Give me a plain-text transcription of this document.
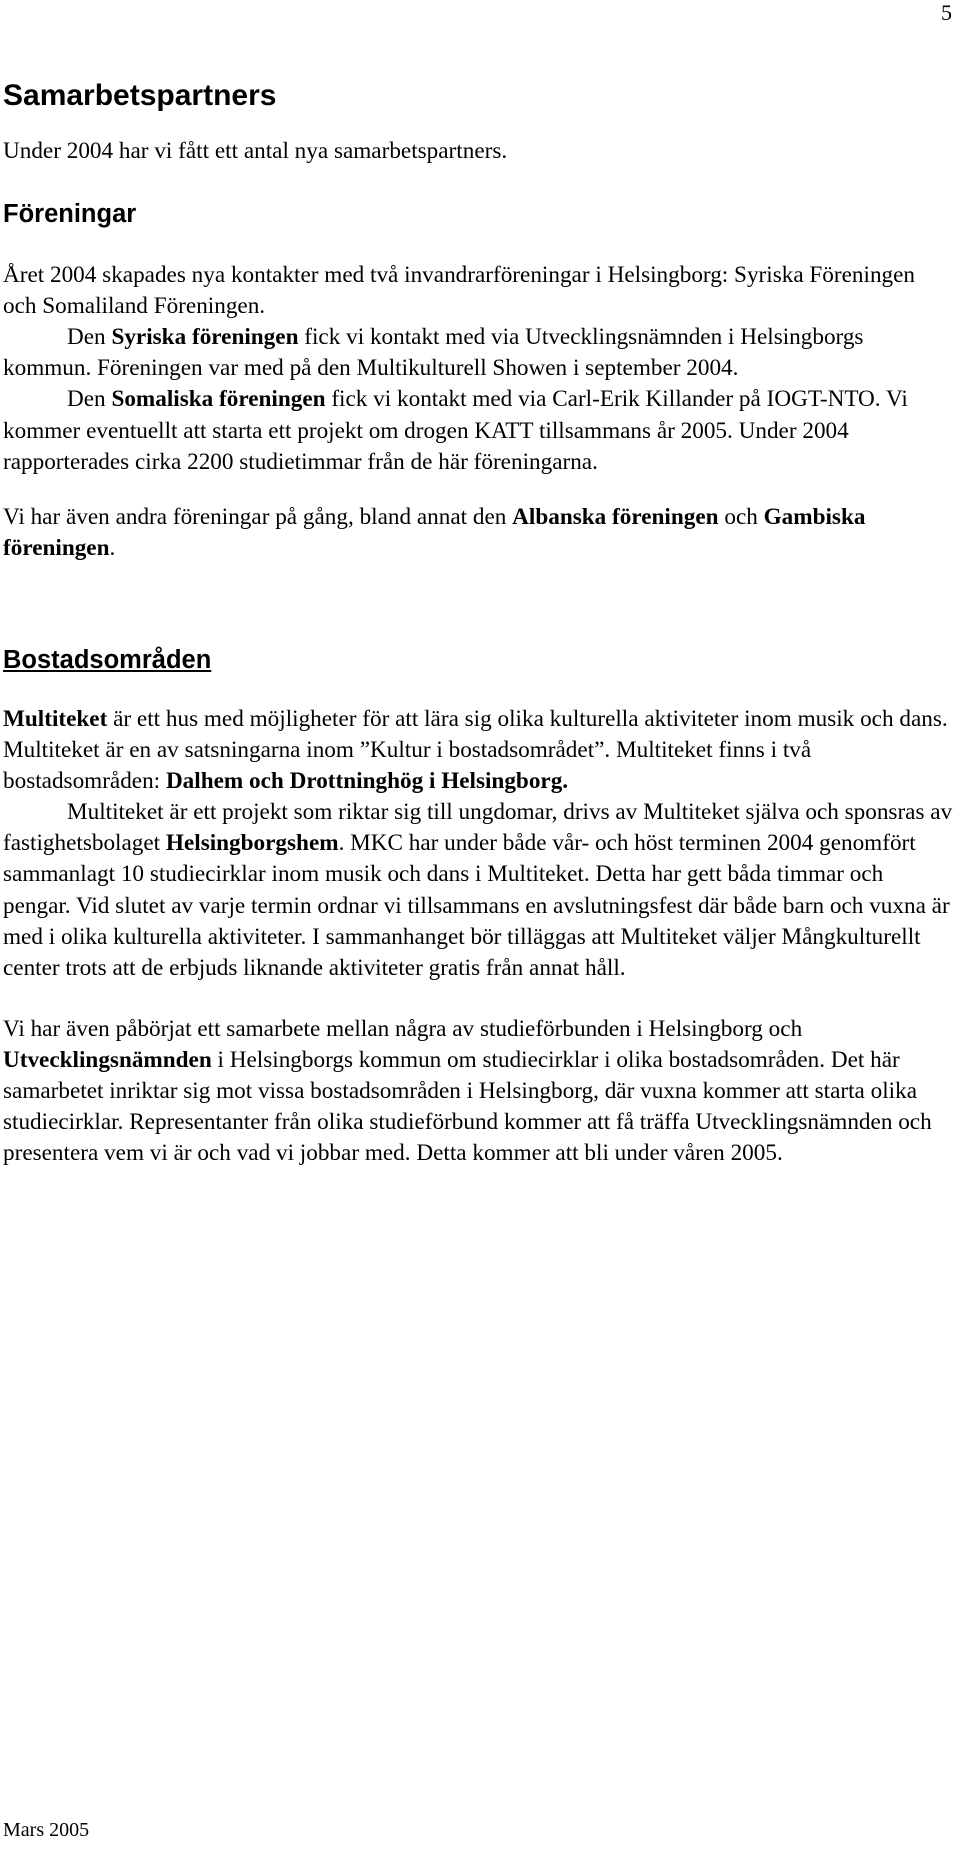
5
Samarbetspartners

Under 2004 har vi fått ett antal nya samarbetspartners.

Föreningar

Året 2004 skapades nya kontakter med två invandrarföreningar i Helsingborg: Syriska Föreningen och Somaliland Föreningen.

Den Syriska föreningen fick vi kontakt med via Utvecklingsnämnden i Helsingborgs kommun. Föreningen var med på den Multikulturell Showen i september 2004.

Den Somaliska föreningen fick vi kontakt med via Carl-Erik Killander på IOGT-NTO. Vi kommer eventuellt att starta ett projekt om drogen KATT tillsammans år 2005. Under 2004 rapporterades cirka 2200 studietimmar från de här föreningarna.

Vi har även andra föreningar på gång, bland annat den Albanska föreningen och Gambiska föreningen.

Bostadsområden

Multiteket är ett hus med möjligheter för att lära sig olika kulturella aktiviteter inom musik och dans. Multiteket är en av satsningarna inom ”Kultur i bostadsområdet”. Multiteket finns i två bostadsområden: Dalhem och Drottninghög i Helsingborg.

Multiteket är ett projekt som riktar sig till ungdomar, drivs av Multiteket själva och sponsras av fastighetsbolaget Helsingborgshem. MKC har under både vår- och höst terminen 2004 genomfört sammanlagt 10 studiecirklar inom musik och dans i Multiteket. Detta har gett båda timmar och pengar. Vid slutet av varje termin ordnar vi tillsammans en avslutningsfest där både barn och vuxna är med i olika kulturella aktiviteter. I sammanhanget bör tilläggas att Multiteket väljer Mångkulturellt center trots att de erbjuds liknande aktiviteter gratis från annat håll.

Vi har även påbörjat ett samarbete mellan några av studieförbunden i Helsingborg och Utvecklingsnämnden i Helsingborgs kommun om studiecirklar i olika bostadsområden. Det här samarbetet inriktar sig mot vissa bostadsområden i Helsingborg, där vuxna kommer att starta olika studiecirklar. Representanter från olika studieförbund kommer att få träffa Utvecklingsnämnden och presentera vem vi är och vad vi jobbar med. Detta kommer att bli under våren 2005.

Mars 2005
